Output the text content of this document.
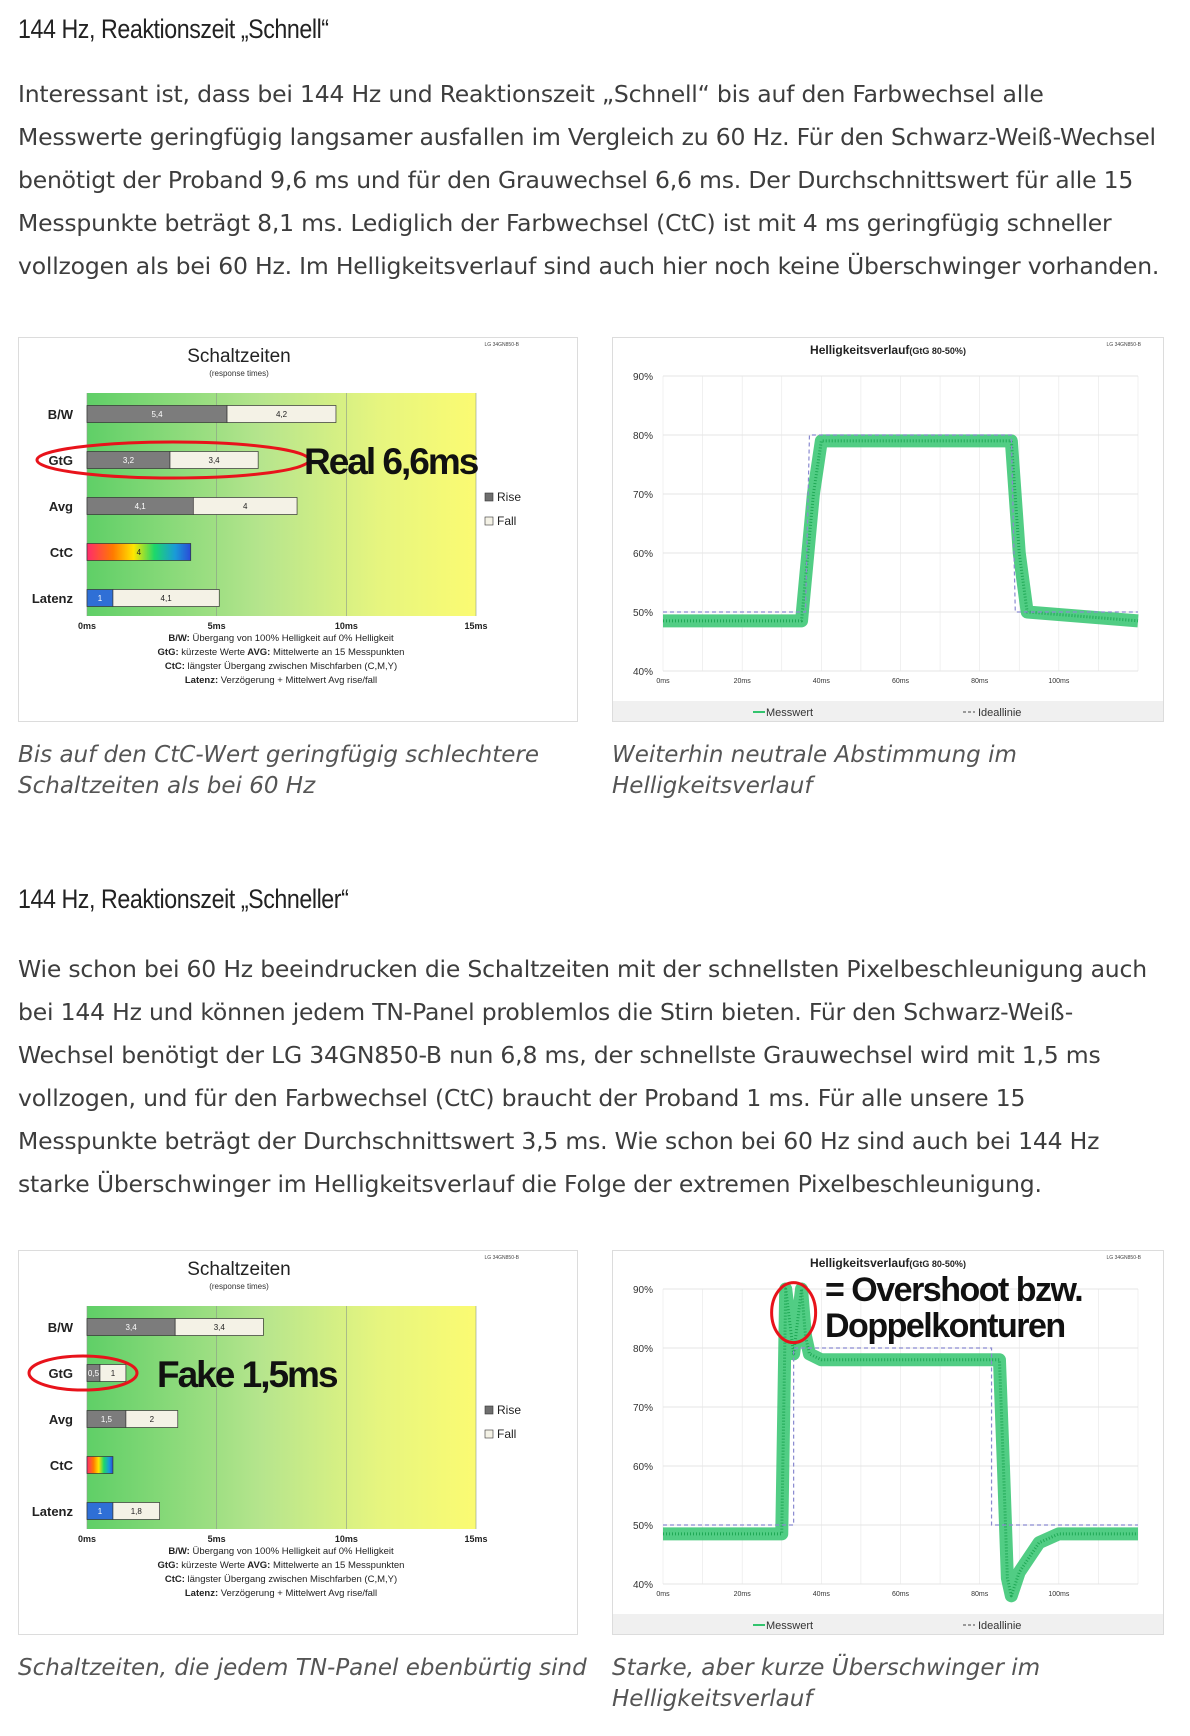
144 Hz, Reaktionszeit „Schnell“
Interessant ist, dass bei 144 Hz und Reaktionszeit „Schnell“ bis auf den Farbwechsel alle
Messwerte geringfügig langsamer ausfallen im Vergleich zu 60 Hz. Für den Schwarz-Weiß-Wechsel
benötigt der Proband 9,6 ms und für den Grauwechsel 6,6 ms. Der Durchschnittswert für alle 15
Messpunkte beträgt 8,1 ms. Lediglich der Farbwechsel (CtC) ist mit 4 ms geringfügig schneller
vollzogen als bei 60 Hz. Im Helligkeitsverlauf sind auch hier noch keine Überschwinger vorhanden.
Schaltzeiten
(response times)
LG 34GN850-B
0ms	5ms	10ms	15ms
B/W	5,4	4,2
GtG	3,2	3,4
Avg	4,1	4
CtC	4
Latenz	1	4,1
Rise
Fall
B/W: Übergang von 100% Helligkeit auf 0% Helligkeit
GtG: kürzeste Werte AVG: Mittelwerte an 15 Messpunkten
CtC: längster Übergang zwischen Mischfarben (C,M,Y)
Latenz: Verzögerung + Mittelwert Avg rise/fall
Real 6,6ms
Helligkeitsverlauf(GtG 80-50%)
LG 34GN850-B
40%
50%
60%
70%
80%
90%
0ms	20ms	40ms	60ms	80ms	100ms
Messwert	Ideallinie
Bis auf den CtC-Wert geringfügig schlechtere
Schaltzeiten als bei 60 Hz
Weiterhin neutrale Abstimmung im
Helligkeitsverlauf
144 Hz, Reaktionszeit „Schneller“
Wie schon bei 60 Hz beeindrucken die Schaltzeiten mit der schnellsten Pixelbeschleunigung auch
bei 144 Hz und können jedem TN-Panel problemlos die Stirn bieten. Für den Schwarz-Weiß-
Wechsel benötigt der LG 34GN850-B nun 6,8 ms, der schnellste Grauwechsel wird mit 1,5 ms
vollzogen, und für den Farbwechsel (CtC) braucht der Proband 1 ms. Für alle unsere 15
Messpunkte beträgt der Durchschnittswert 3,5 ms. Wie schon bei 60 Hz sind auch bei 144 Hz
starke Überschwinger im Helligkeitsverlauf die Folge der extremen Pixelbeschleunigung.
Schaltzeiten
(response times)
LG 34GN850-B
0ms	5ms	10ms	15ms
B/W	3,4	3,4
GtG 0,5 1
Avg	1,5	2
CtC
Latenz	1	1,8
Rise
Fall
B/W: Übergang von 100% Helligkeit auf 0% Helligkeit
GtG: kürzeste Werte AVG: Mittelwerte an 15 Messpunkten
CtC: längster Übergang zwischen Mischfarben (C,M,Y)
Latenz: Verzögerung + Mittelwert Avg rise/fall
Fake 1,5ms
Helligkeitsverlauf(GtG 80-50%)
LG 34GN850-B
40%
50%
60%
70%
80%
90%
0ms	20ms	40ms	60ms	80ms	100ms
Messwert	Ideallinie
= Overshoot bzw.
Doppelkonturen
Schaltzeiten, die jedem TN-Panel ebenbürtig sind Starke, aber kurze Überschwinger im
Helligkeitsverlauf
